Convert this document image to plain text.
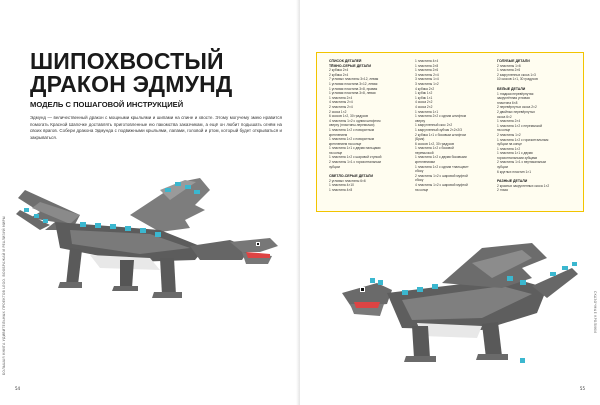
БОЛЬШАЯ КНИГА УДИВИТЕЛЬНЫХ ПРОЕКТОВ LEGO. ВООБРАЖАЙ И РЕАЛИЗУЙ МИРЫ
ШИПОХВОСТЫЙ
ДРАКОН ЭДМУНД
МОДЕЛЬ С ПОШАГОВОЙ ИНСТРУКЦИЕЙ

Эдмунд — величественный дракон с мощными крыльями и шипами на спине и хвосте. Этому могучему змею нравится помогать Красной Шапочке доставлять приготовленные ею пакомства заказчикам, а ещё он любит подышать огнём на своих врагов. Собери дракона Эдмунда с подвижными крыльями, лапами, головой и ртом, который будет открываться и закрываться.

СКАЗОЧНЫЕ КРОЛИКИ
55
54
СПИСОК ДЕТАЛЕЙ
ТЁМНО-СЕРЫЕ ДЕТАЛИ
2 кубика 2×4
2 кубика 2×4
7 угловых пластины 3×12, левая
1 угловая пластина 3×12, левая
1 угловая пластина 3×8, правая
1 угловая пластина 3×8, левая
1 пластина 2×4
4 пластины 2×4
2 пластины 2×4
2 скоса 1×2
6 скосов 1×2, 30 градусов
4 пластины 1×2 с одним штифтом
сверху (пластины-перемычки)
1 пластина 1×2 с поворотным
креплением
1 пластина 1×2 с поворотным
креплением на конце
1 пластина 1×1 с двумя пальцами
на конце
1 пластина 1×2 с шаровой ступкой
2 пластины 1×1 с горизонтальным
зубцом
СВЕТЛО-СЕРЫЕ ДЕТАЛИ
2 угловых пластины 6×6
1 пластина 4×10
1 пластина 4×8
1 пластина 4×4
1 пластина 2×8
1 пластина 2×6
3 пластины 2×4
3 пластины 1×4
3 пластины 1×2
4 кубика 2×2
1 кубик 1×2
1 кубик 1×1
4 скоса 2×2
4 скоса 2×2
1 пластина 1×1
1 пластина 2×2 с одним штифтом
сверху
1 закругленный скос 2×2
1 закругленный зубчик 2×2×2/3
2 кубика 1×1 с боковым штифтом
(Брик)
6 скосов 1×2, 30 градусов
1 пластина 1×2 с боковой
перемычкой
1 пластина 1×2 с двумя боковыми
креплениями
1 пластина 1×2 с одним «пальцем»
сбоку
2 пластины 1×2 с шаровой муфтой
сбоку
4 пластины 1×2 с шаровой муфтой
на конце
ГОЛУБЫЕ ДЕТАЛИ
2 пластины 1×6
1 пластина 2×6
2 закругленных скоса 1×3
10 скосов 1×1, 30 градусов
БЕЛЫЕ ДЕТАЛИ
1 гладкая перевёрнутая
закруглённая угловая
пластина 6×8
2 перевёрнутых скоса 2×2
2 двойных перевёрнутых
скоса 6×2
1 пластина 2×4
1 пластина 1×2 с перемычкой
на конце
2 пластины 1×2
1 пластина 1×2 с горизонтальным
зубцом на конце
1 пластина 1×2
1 пластина 1×1 с двумя
горизонтальными зубцами
2 пластины 1×1 с вертикальным
зубцом
6 круглых пластин 1×1
РАЗНЫЕ ДЕТАЛИ
2 красных закругленных скоса 1×2
2 глаза
